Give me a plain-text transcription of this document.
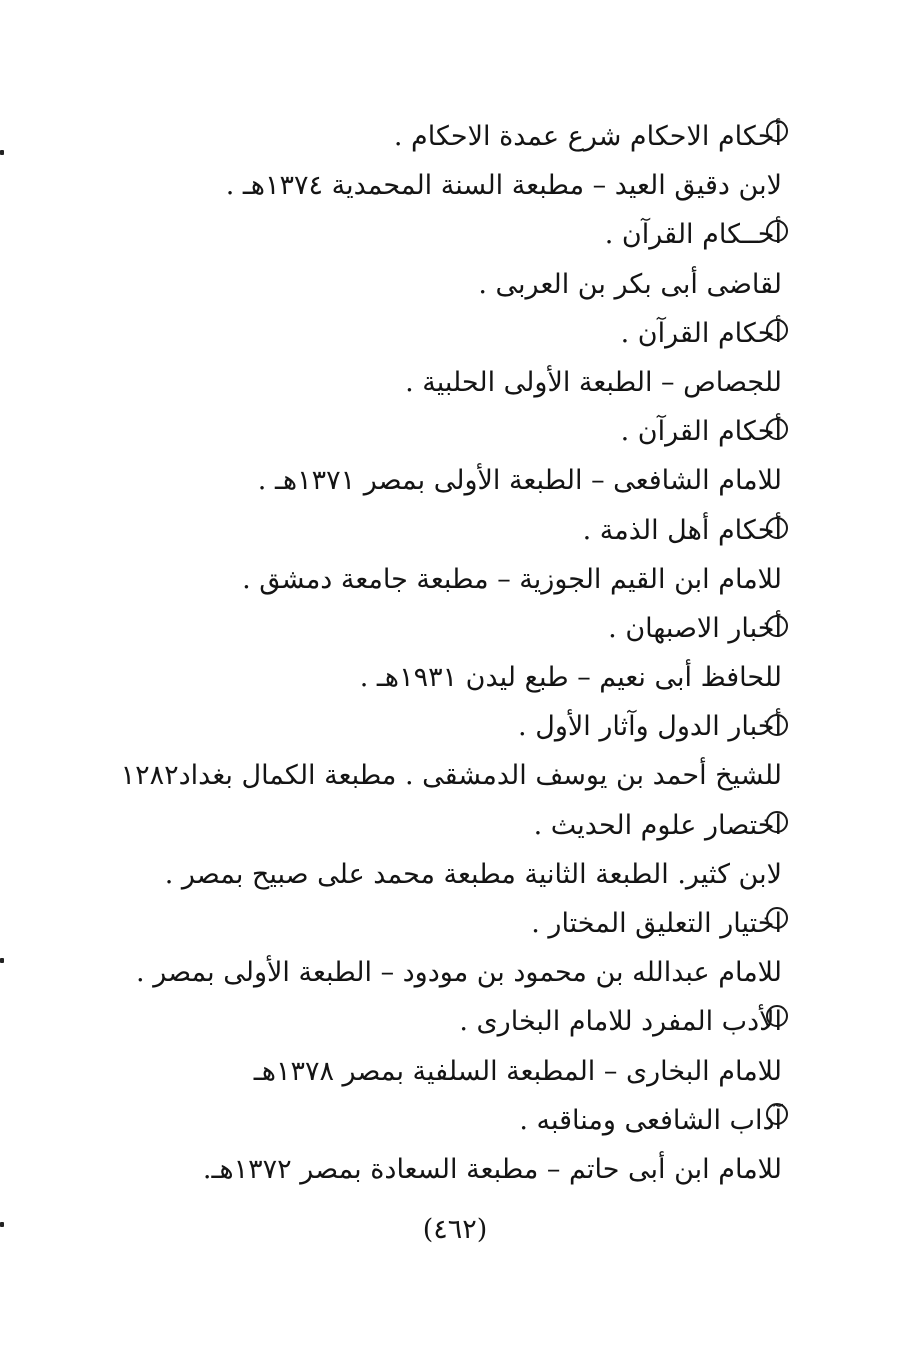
أحكام الاحكام شرع عمدة الاحكام .
لابن دقيق العيد – مطبعة السنة المحمدية ١٣٧٤هـ .
أحــكام القرآن .
لقاضى أبى بكر بن العربى .
أحكام القرآن .
للجصاص – الطبعة الأولى الحلبية .
أحكام القرآن .
للامام الشافعى – الطبعة الأولى بمصر ١٣٧١هـ .
أحكام أهل الذمة .
للامام ابن القيم الجوزية – مطبعة جامعة دمشق .
أخبار الاصبهان .
للحافظ أبى نعيم – طبع ليدن ١٩٣١هـ .
أخبار الدول وآثار الأول .
للشيخ أحمد بن يوسف الدمشقى . مطبعة الكمال بغداد١٢٨٢
اختصار علوم الحديث .
لابن كثير. الطبعة الثانية مطبعة محمد على صبيح بمصر .
اختيار التعليق المختار .
للامام عبدالله بن محمود بن مودود – الطبعة الأولى بمصر .
الأدب المفرد للامام البخارى .
للامام البخارى – المطبعة السلفية بمصر ١٣٧٨هـ
آداب الشافعى ومناقبه .
للامام ابن أبى حاتم – مطبعة السعادة بمصر ١٣٧٢هـ.
(٤٦٢)
